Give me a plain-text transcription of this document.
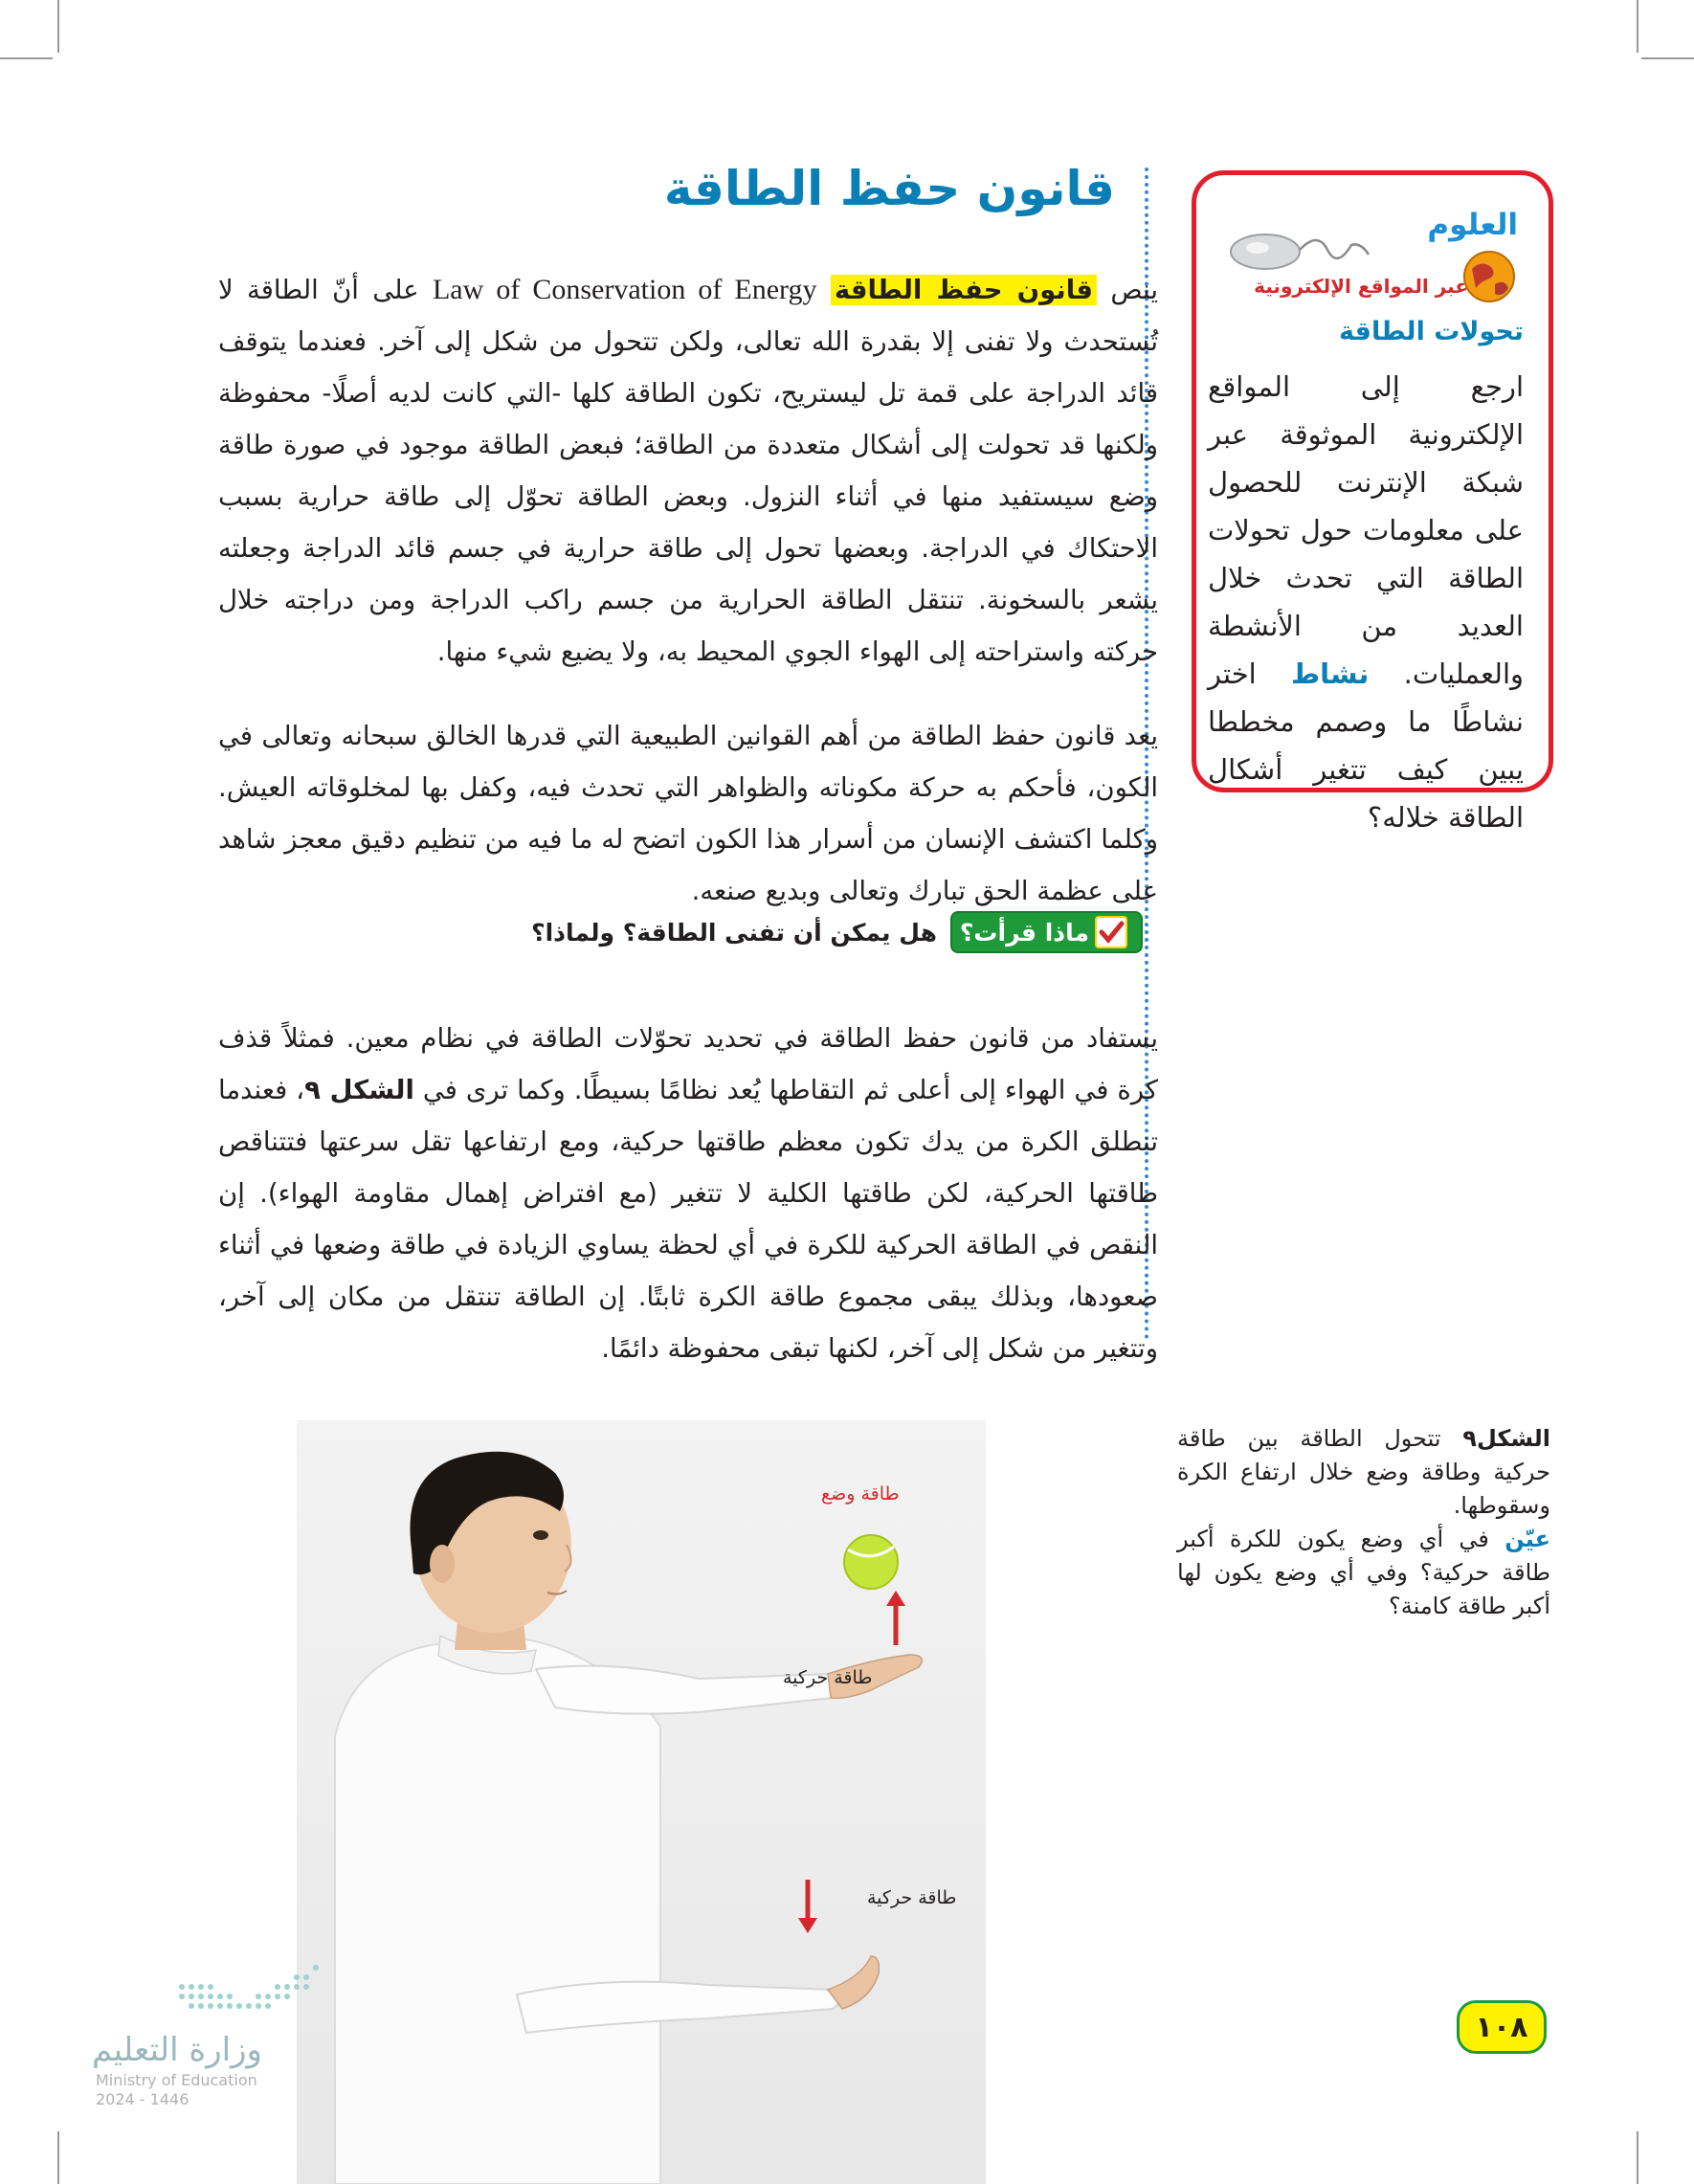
قانون حفظ الطاقة

ينص قانون حفظ الطاقة Law of Conservation of Energy على أنّ الطاقة لا تُستحدث ولا تفنى إلا بقدرة الله تعالى، ولكن تتحول من شكل إلى آخر. فعندما يتوقف قائد الدراجة على قمة تل ليستريح، تكون الطاقة كلها -التي كانت لديه أصلًا- محفوظة ولكنها قد تحولت إلى أشكال متعددة من الطاقة؛ فبعض الطاقة موجود في صورة طاقة وضع سيستفيد منها في أثناء النزول. وبعض الطاقة تحوّل إلى طاقة حرارية بسبب الاحتكاك في الدراجة. وبعضها تحول إلى طاقة حرارية في جسم قائد الدراجة وجعلته يشعر بالسخونة. تنتقل الطاقة الحرارية من جسم راكب الدراجة ومن دراجته خلال حركته واستراحته إلى الهواء الجوي المحيط به، ولا يضيع شيء منها.

يعد قانون حفظ الطاقة من أهم القوانين الطبيعية التي قدرها الخالق سبحانه وتعالى في الكون، فأحكم به حركة مكوناته والظواهر التي تحدث فيه، وكفل بها لمخلوقاته العيش. وكلما اكتشف الإنسان من أسرار هذا الكون اتضح له ما فيه من تنظيم دقيق معجز شاهد على عظمة الحق تبارك وتعالى وبديع صنعه.

ماذا قرأت؟
هل يمكن أن تفنى الطاقة؟ ولماذا؟

يستفاد من قانون حفظ الطاقة في تحديد تحوّلات الطاقة في نظام معين. فمثلاً قذف كرة في الهواء إلى أعلى ثم التقاطها يُعد نظامًا بسيطًا. وكما ترى في الشكل ٩، فعندما تنطلق الكرة من يدك تكون معظم طاقتها حركية، ومع ارتفاعها تقل سرعتها فتتناقص طاقتها الحركية، لكن طاقتها الكلية لا تتغير (مع افتراض إهمال مقاومة الهواء). إن النقص في الطاقة الحركية للكرة في أي لحظة يساوي الزيادة في طاقة وضعها في أثناء صعودها، وبذلك يبقى مجموع طاقة الكرة ثابتًا. إن الطاقة تنتقل من مكان إلى آخر، وتتغير من شكل إلى آخر، لكنها تبقى محفوظة دائمًا.

العلوم
عبر المواقع الإلكترونية
تحولات الطاقة
ارجع إلى المواقع الإلكترونية الموثوقة عبر شبكة الإنترنت للحصول على معلومات حول تحولات الطاقة التي تحدث خلال العديد من الأنشطة والعمليات. نشاط اختر نشاطًا ما وصمم مخططا يبين كيف تتغير أشكال الطاقة خلاله؟
الشكل٩ تتحول الطاقة بين طاقة حركية وطاقة وضع خلال ارتفاع الكرة وسقوطها.
عيّن في أي وضع يكون للكرة أكبر طاقة حركية؟ وفي أي وضع يكون لها أكبر طاقة كامنة؟
طاقة وضع
طاقة حركية
طاقة حركية
١٠٨
وزارة التعليم
Ministry of Education
2024 - 1446
